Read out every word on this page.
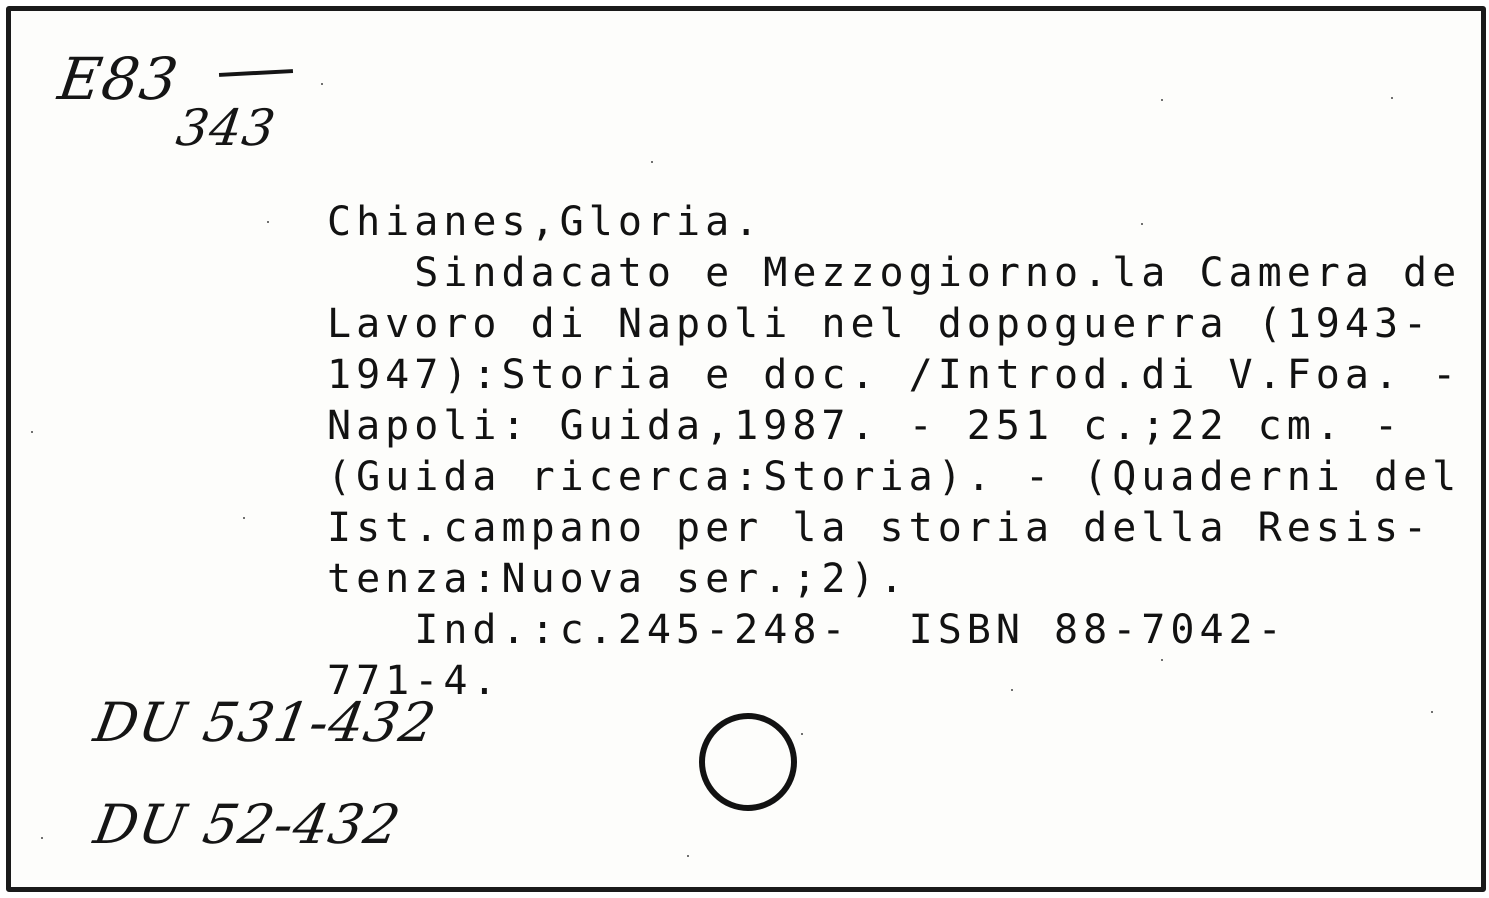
E83
343
Chianes,Gloria.
Sindacato e Mezzogiorno.la Camera de
Lavoro di Napoli nel dopoguerra (1943-
1947):Storia e doc. /Introd.di V.Foa. -
Napoli: Guida,1987. - 251 c.;22 cm. -
(Guida ricerca:Storia). - (Quaderni del
Ist.campano per la storia della Resis-
tenza:Nuova ser.;2).
Ind.:c.245-248-  ISBN 88-7042-
771-4.
DU 531-432
DU 52-432
